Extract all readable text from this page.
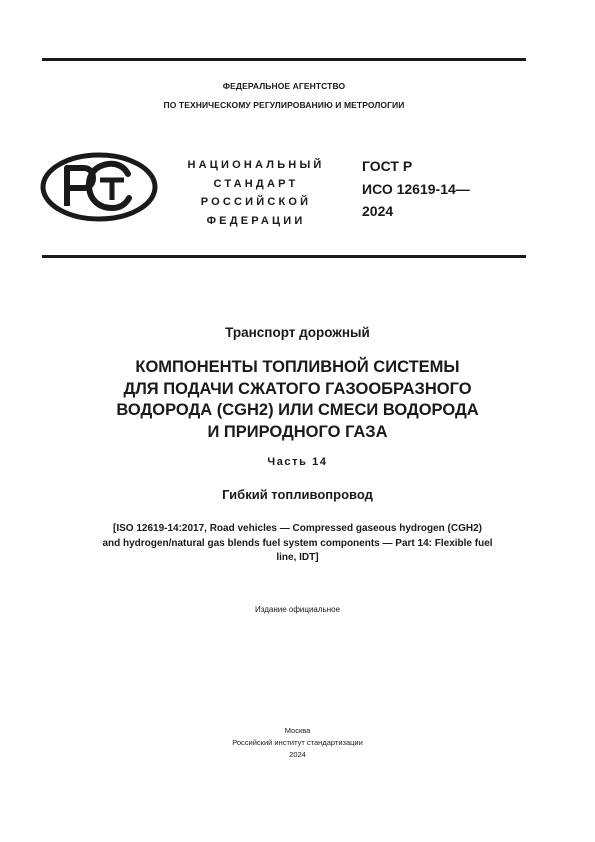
ФЕДЕРАЛЬНОЕ АГЕНТСТВО
ПО ТЕХНИЧЕСКОМУ РЕГУЛИРОВАНИЮ И МЕТРОЛОГИИ
НАЦИОНАЛЬНЫЙ
СТАНДАРТ
РОССИЙСКОЙ
ФЕДЕРАЦИИ
ГОСТ Р
ИСО 12619-14—
2024
Транспорт дорожный
КОМПОНЕНТЫ ТОПЛИВНОЙ СИСТЕМЫ
ДЛЯ ПОДАЧИ СЖАТОГО ГАЗООБРАЗНОГО
ВОДОРОДА (CGH2) ИЛИ СМЕСИ ВОДОРОДА
И ПРИРОДНОГО ГАЗА
Часть 14
Гибкий топливопровод
[ISO 12619-14:2017, Road vehicles — Compressed gaseous hydrogen (CGH2)
and hydrogen/natural gas blends fuel system components — Part 14: Flexible fuel
line, IDT]
Издание официальное
Москва
Российский институт стандартизации
2024
